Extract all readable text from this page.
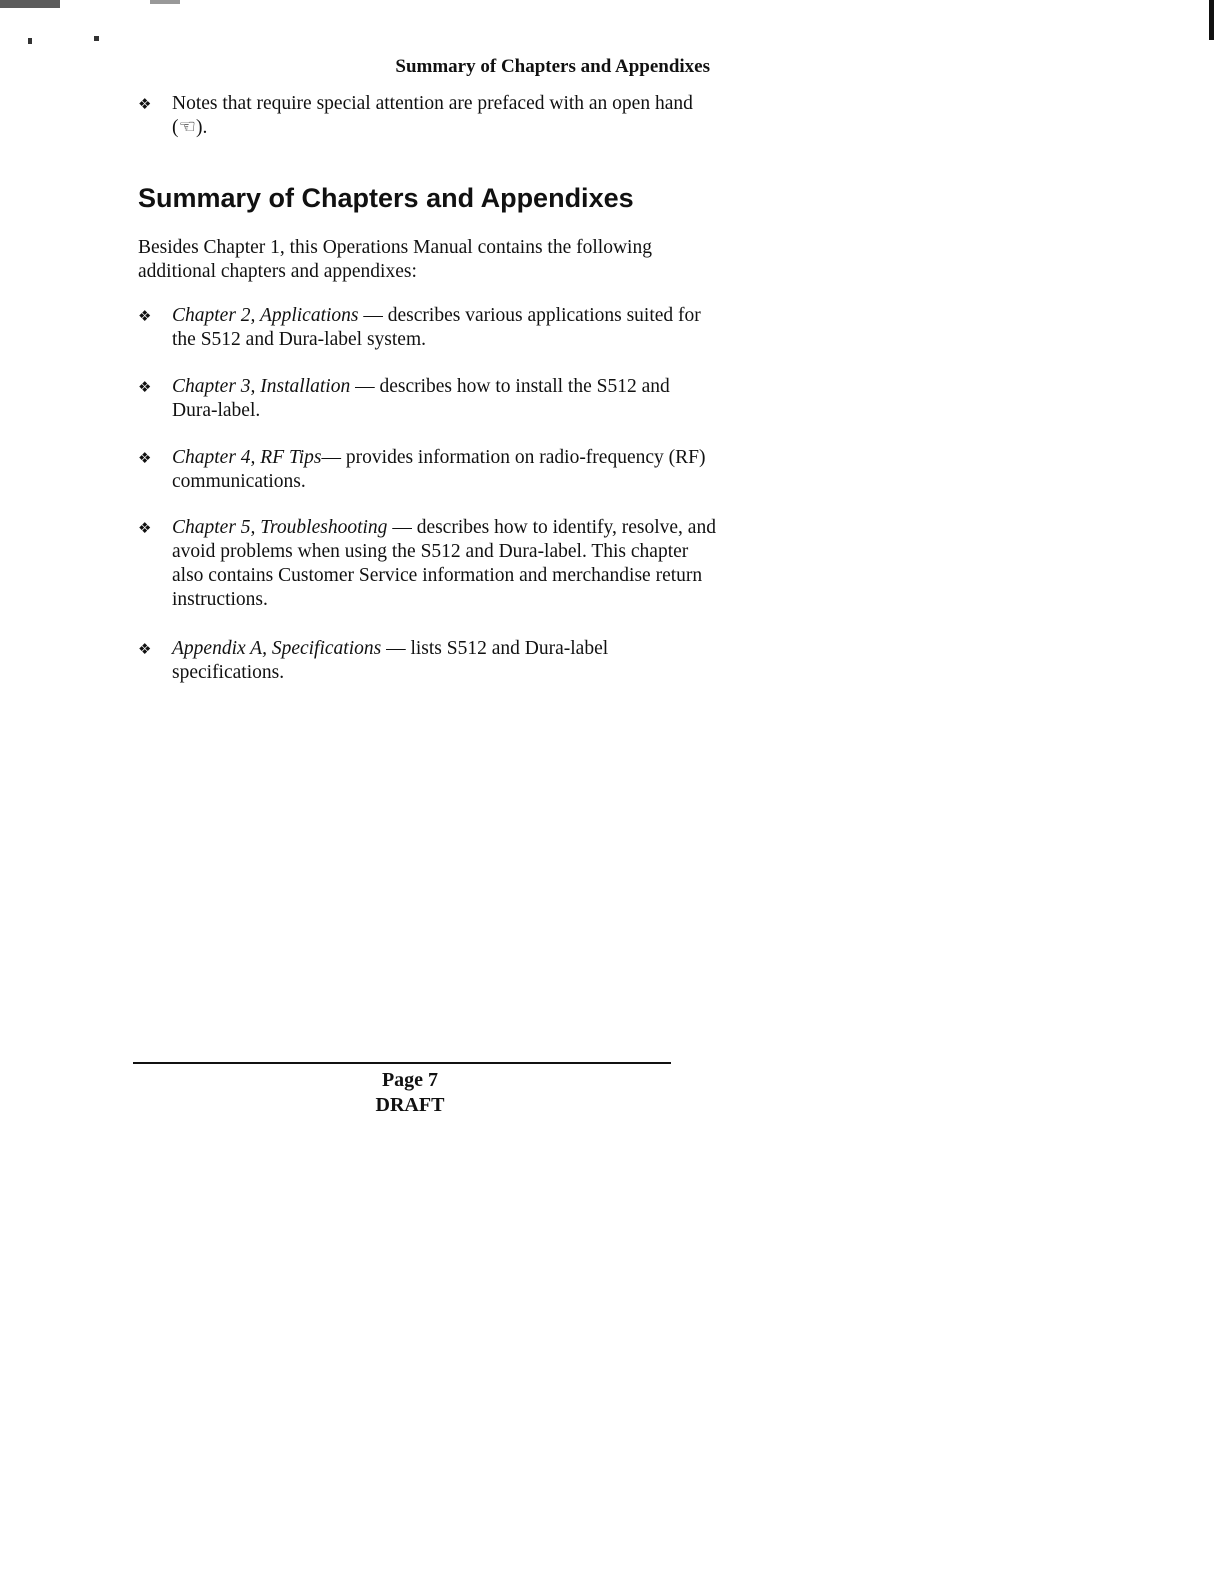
Summary of Chapters and Appendixes
❖ Notes that require special attention are prefaced with an open hand (☜).
Summary of Chapters and Appendixes
Besides Chapter 1, this Operations Manual contains the following additional chapters and appendixes:
❖ Chapter 2, Applications — describes various applications suited for the S512 and Dura-label system.
❖ Chapter 3, Installation — describes how to install the S512 and Dura-label.
❖ Chapter 4, RF Tips— provides information on radio-frequency (RF) communications.
❖ Chapter 5, Troubleshooting — describes how to identify, resolve, and avoid problems when using the S512 and Dura-label. This chapter also contains Customer Service information and merchandise return instructions.
❖ Appendix A, Specifications — lists S512 and Dura-label specifications.
Page 7
DRAFT
